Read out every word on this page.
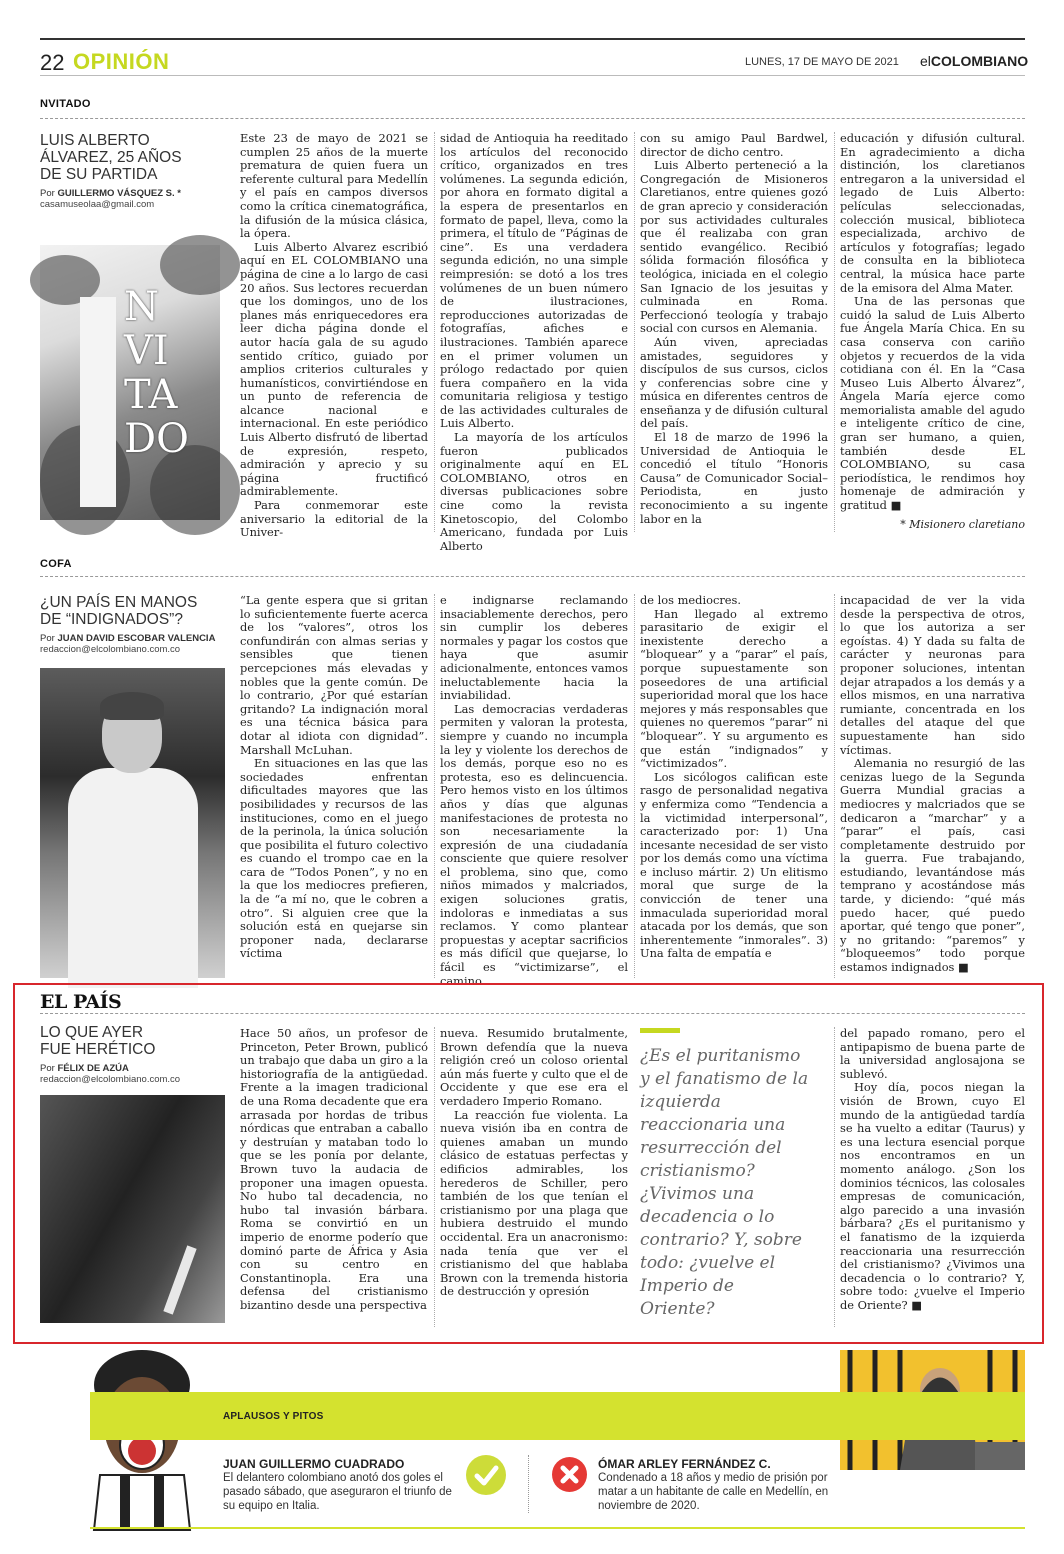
22 OPINIÓN	LUNES, 17 DE MAYO DE 2021 elCOLOMBIANO
NVITADO
LUIS ALBERTO
ÁLVAREZ, 25 AÑOS
DE SU PARTIDA
Por GUILLERMO VÁSQUEZ S. *
casamuseolaa@gmail.com
N
VI
TA
DO

Este 23 de mayo de 2021 se cumplen 25 años de la muerte prematura de quien fuera un referente cultural para Medellín y el país en campos diversos como la crítica cinematográfica, la difusión de la música clásica, la ópera.

Luis Alberto Alvarez escribió aquí en EL COLOMBIANO una página de cine a lo largo de casi 20 años. Sus lectores recuerdan que los domingos, uno de los planes más enriquecedores era leer dicha página donde el autor hacía gala de su agudo sentido crítico, guiado por amplios criterios culturales y humanísticos, convirtiéndose en un punto de referencia de alcance nacional e internacional. En este periódico Luis Alberto disfrutó de libertad de expresión, respeto, admiración y aprecio y su página fructificó admirablemente.

Para conmemorar este aniversario la editorial de la Univer-

sidad de Antioquia ha reeditado los artículos del reconocido crítico, organizados en tres volúmenes. La segunda edición, por ahora en formato digital a la espera de presentarlos en formato de papel, lleva, como la primera, el título de “Páginas de cine”. Es una verdadera segunda edición, no una simple reimpresión: se dotó a los tres volúmenes de un buen número de ilustraciones, reproducciones autorizadas de fotografías, afiches e ilustraciones. También aparece en el primer volumen un prólogo redactado por quien fuera compañero en la vida comunitaria religiosa y testigo de las actividades culturales de Luis Alberto.

La mayoría de los artículos fueron publicados originalmente aquí en EL COLOMBIANO, otros en diversas publicaciones sobre cine como la revista Kinetoscopio, del Colombo Americano, fundada por Luis Alberto

con su amigo Paul Bardwel, director de dicho centro.

Luis Alberto perteneció a la Congregación de Misioneros Claretianos, entre quienes gozó de gran aprecio y consideración por sus actividades culturales que él realizaba con gran sentido evangélico. Recibió sólida formación filosófica y teológica, iniciada en el colegio San Ignacio de los jesuitas y culminada en Roma. Perfeccionó teología y trabajo social con cursos en Alemania.

Aún viven, apreciadas amistades, seguidores y discípulos de sus cursos, ciclos y conferencias sobre cine y música en diferentes centros de enseñanza y de difusión cultural del país.

El 18 de marzo de 1996 la Universidad de Antioquia le concedió el título “Honoris Causa” de Comunicador Social–Periodista, en justo reconocimiento a su ingente labor en la

educación y difusión cultural. En agradecimiento a dicha distinción, los claretianos entregaron a la universidad el legado de Luis Alberto: películas seleccionadas, colección musical, biblioteca especializada, archivo de artículos y fotografías; legado de consulta en la biblioteca central, la música hace parte de la emisora del Alma Mater.

Una de las personas que cuidó la salud de Luis Alberto fue Ángela María Chica. En su casa conserva con cariño objetos y recuerdos de la vida cotidiana con él. En la “Casa Museo Luis Alberto Álvarez”, Ángela María ejerce como memorialista amable del agudo e inteligente crítico de cine, gran ser humano, a quien, también desde EL COLOMBIANO, su casa periodística, le rendimos hoy homenaje de admiración y gratitud ■

* Misionero claretiano
COFA
¿UN PAÍS EN MANOS
DE “INDIGNADOS”?
Por JUAN DAVID ESCOBAR VALENCIA
redaccion@elcolombiano.com.co

“La gente espera que si gritan lo suficientemente fuerte acerca de los “valores”, otros los confundirán con almas serias y sensibles que tienen percepciones más elevadas y nobles que la gente común. De lo contrario, ¿Por qué estarían gritando? La indignación moral es una técnica básica para dotar al idiota con dignidad”. Marshall McLuhan.

En situaciones en las que las sociedades enfrentan dificultades mayores que las posibilidades y recursos de las instituciones, como en el juego de la perinola, la única solución que posibilita el futuro colectivo es cuando el trompo cae en la cara de “Todos Ponen”, y no en la que los mediocres prefieren, la de “a mí no, que le cobren a otro”. Si alguien cree que la solución está en quejarse sin proponer nada, declararse víctima

e indignarse reclamando insaciablemente derechos, pero sin cumplir los deberes normales y pagar los costos que haya que asumir adicionalmente, entonces vamos ineluctablemente hacia la inviabilidad.

Las democracias verdaderas permiten y valoran la protesta, siempre y cuando no incumpla la ley y violente los derechos de los demás, porque eso no es protesta, eso es delincuencia. Pero hemos visto en los últimos años y días que algunas manifestaciones de protesta no son necesariamente la expresión de una ciudadanía consciente que quiere resolver el problema, sino que, como niños mimados y malcriados, exigen soluciones gratis, indoloras e inmediatas a sus reclamos. Y como plantear propuestas y aceptar sacrificios es más difícil que quejarse, lo fácil es “victimizarse”, el camino

de los mediocres.

Han llegado al extremo parasitario de exigir el inexistente derecho a “bloquear” y a “parar” el país, porque supuestamente son poseedores de una artificial superioridad moral que los hace mejores y más responsables que quienes no queremos “parar” ni “bloquear”. Y su argumento es que están “indignados” y “victimizados”.

Los sicólogos califican este rasgo de personalidad negativa y enfermiza como “Tendencia a la victimidad interpersonal”, caracterizado por: 1) Una incesante necesidad de ser visto por los demás como una víctima e incluso mártir. 2) Un elitismo moral que surge de la convicción de tener una inmaculada superioridad moral atacada por los demás, que son inherentemente “inmorales”. 3) Una falta de empatía e

incapacidad de ver la vida desde la perspectiva de otros, lo que los autoriza a ser egoístas. 4) Y dada su falta de carácter y neuronas para proponer soluciones, intentan dejar atrapados a los demás y a ellos mismos, en una narrativa rumiante, concentrada en los detalles del ataque del que supuestamente han sido víctimas.

Alemania no resurgió de las cenizas luego de la Segunda Guerra Mundial gracias a mediocres y malcriados que se dedicaron a “marchar” y a “parar” el país, casi completamente destruido por la guerra. Fue trabajando, estudiando, levantándose más temprano y acostándose más tarde, y diciendo: “qué más puedo hacer, qué puedo aportar, qué tengo que poner”, y no gritando: “paremos” y “bloqueemos” todo porque estamos indignados ■

EL PAÍS
LO QUE AYER
FUE HERÉTICO
Por FÉLIX DE AZÚA
redaccion@elcolombiano.com.co

Hace 50 años, un profesor de Princeton, Peter Brown, publicó un trabajo que daba un giro a la historiografía de la antigüedad. Frente a la imagen tradicional de una Roma decadente que era arrasada por hordas de tribus nórdicas que entraban a caballo y destruían y mataban todo lo que se les ponía por delante, Brown tuvo la audacia de proponer una imagen opuesta. No hubo tal decadencia, no hubo tal invasión bárbara. Roma se convirtió en un imperio de enorme poderío que dominó parte de África y Asia con su centro en Constantinopla. Era una defensa del cristianismo bizantino desde una perspectiva

nueva. Resumido brutalmente, Brown defendía que la nueva religión creó un coloso oriental aún más fuerte y culto que el de Occidente y que ese era el verdadero Imperio Romano.

La reacción fue violenta. La nueva visión iba en contra de quienes amaban un mundo clásico de estatuas perfectas y edificios admirables, los herederos de Schiller, pero también de los que tenían el cristianismo por una plaga que hubiera destruido el mundo occidental. Era un anacronismo: nada tenía que ver el cristianismo del que hablaba Brown con la tremenda historia de destrucción y opresión

¿Es el puritanismo y el fanatismo de la izquierda reaccionaria una resurrección del cristianismo? ¿Vivimos una decadencia o lo contrario? Y, sobre todo: ¿vuelve el Imperio de Oriente?

del papado romano, pero el antipapismo de buena parte de la universidad anglosajona se sublevó.

Hoy día, pocos niegan la visión de Brown, cuyo El mundo de la antigüedad tardía se ha vuelto a editar (Taurus) y es una lectura esencial porque nos encontramos en un momento análogo. ¿Son los dominios técnicos, las colosales empresas de comunicación, algo parecido a una invasión bárbara? ¿Es el puritanismo y el fanatismo de la izquierda reaccionaria una resurrección del cristianismo? ¿Vivimos una decadencia o lo contrario? Y, sobre todo: ¿vuelve el Imperio de Oriente? ■

APLAUSOS Y PITOS
JUAN GUILLERMO CUADRADO
El delantero colombiano anotó dos goles el pasado sábado, que aseguraron el triunfo de su equipo en Italia.
ÓMAR ARLEY FERNÁNDEZ C.
Condenado a 18 años y medio de prisión por matar a un habitante de calle en Medellín, en noviembre de 2020.
